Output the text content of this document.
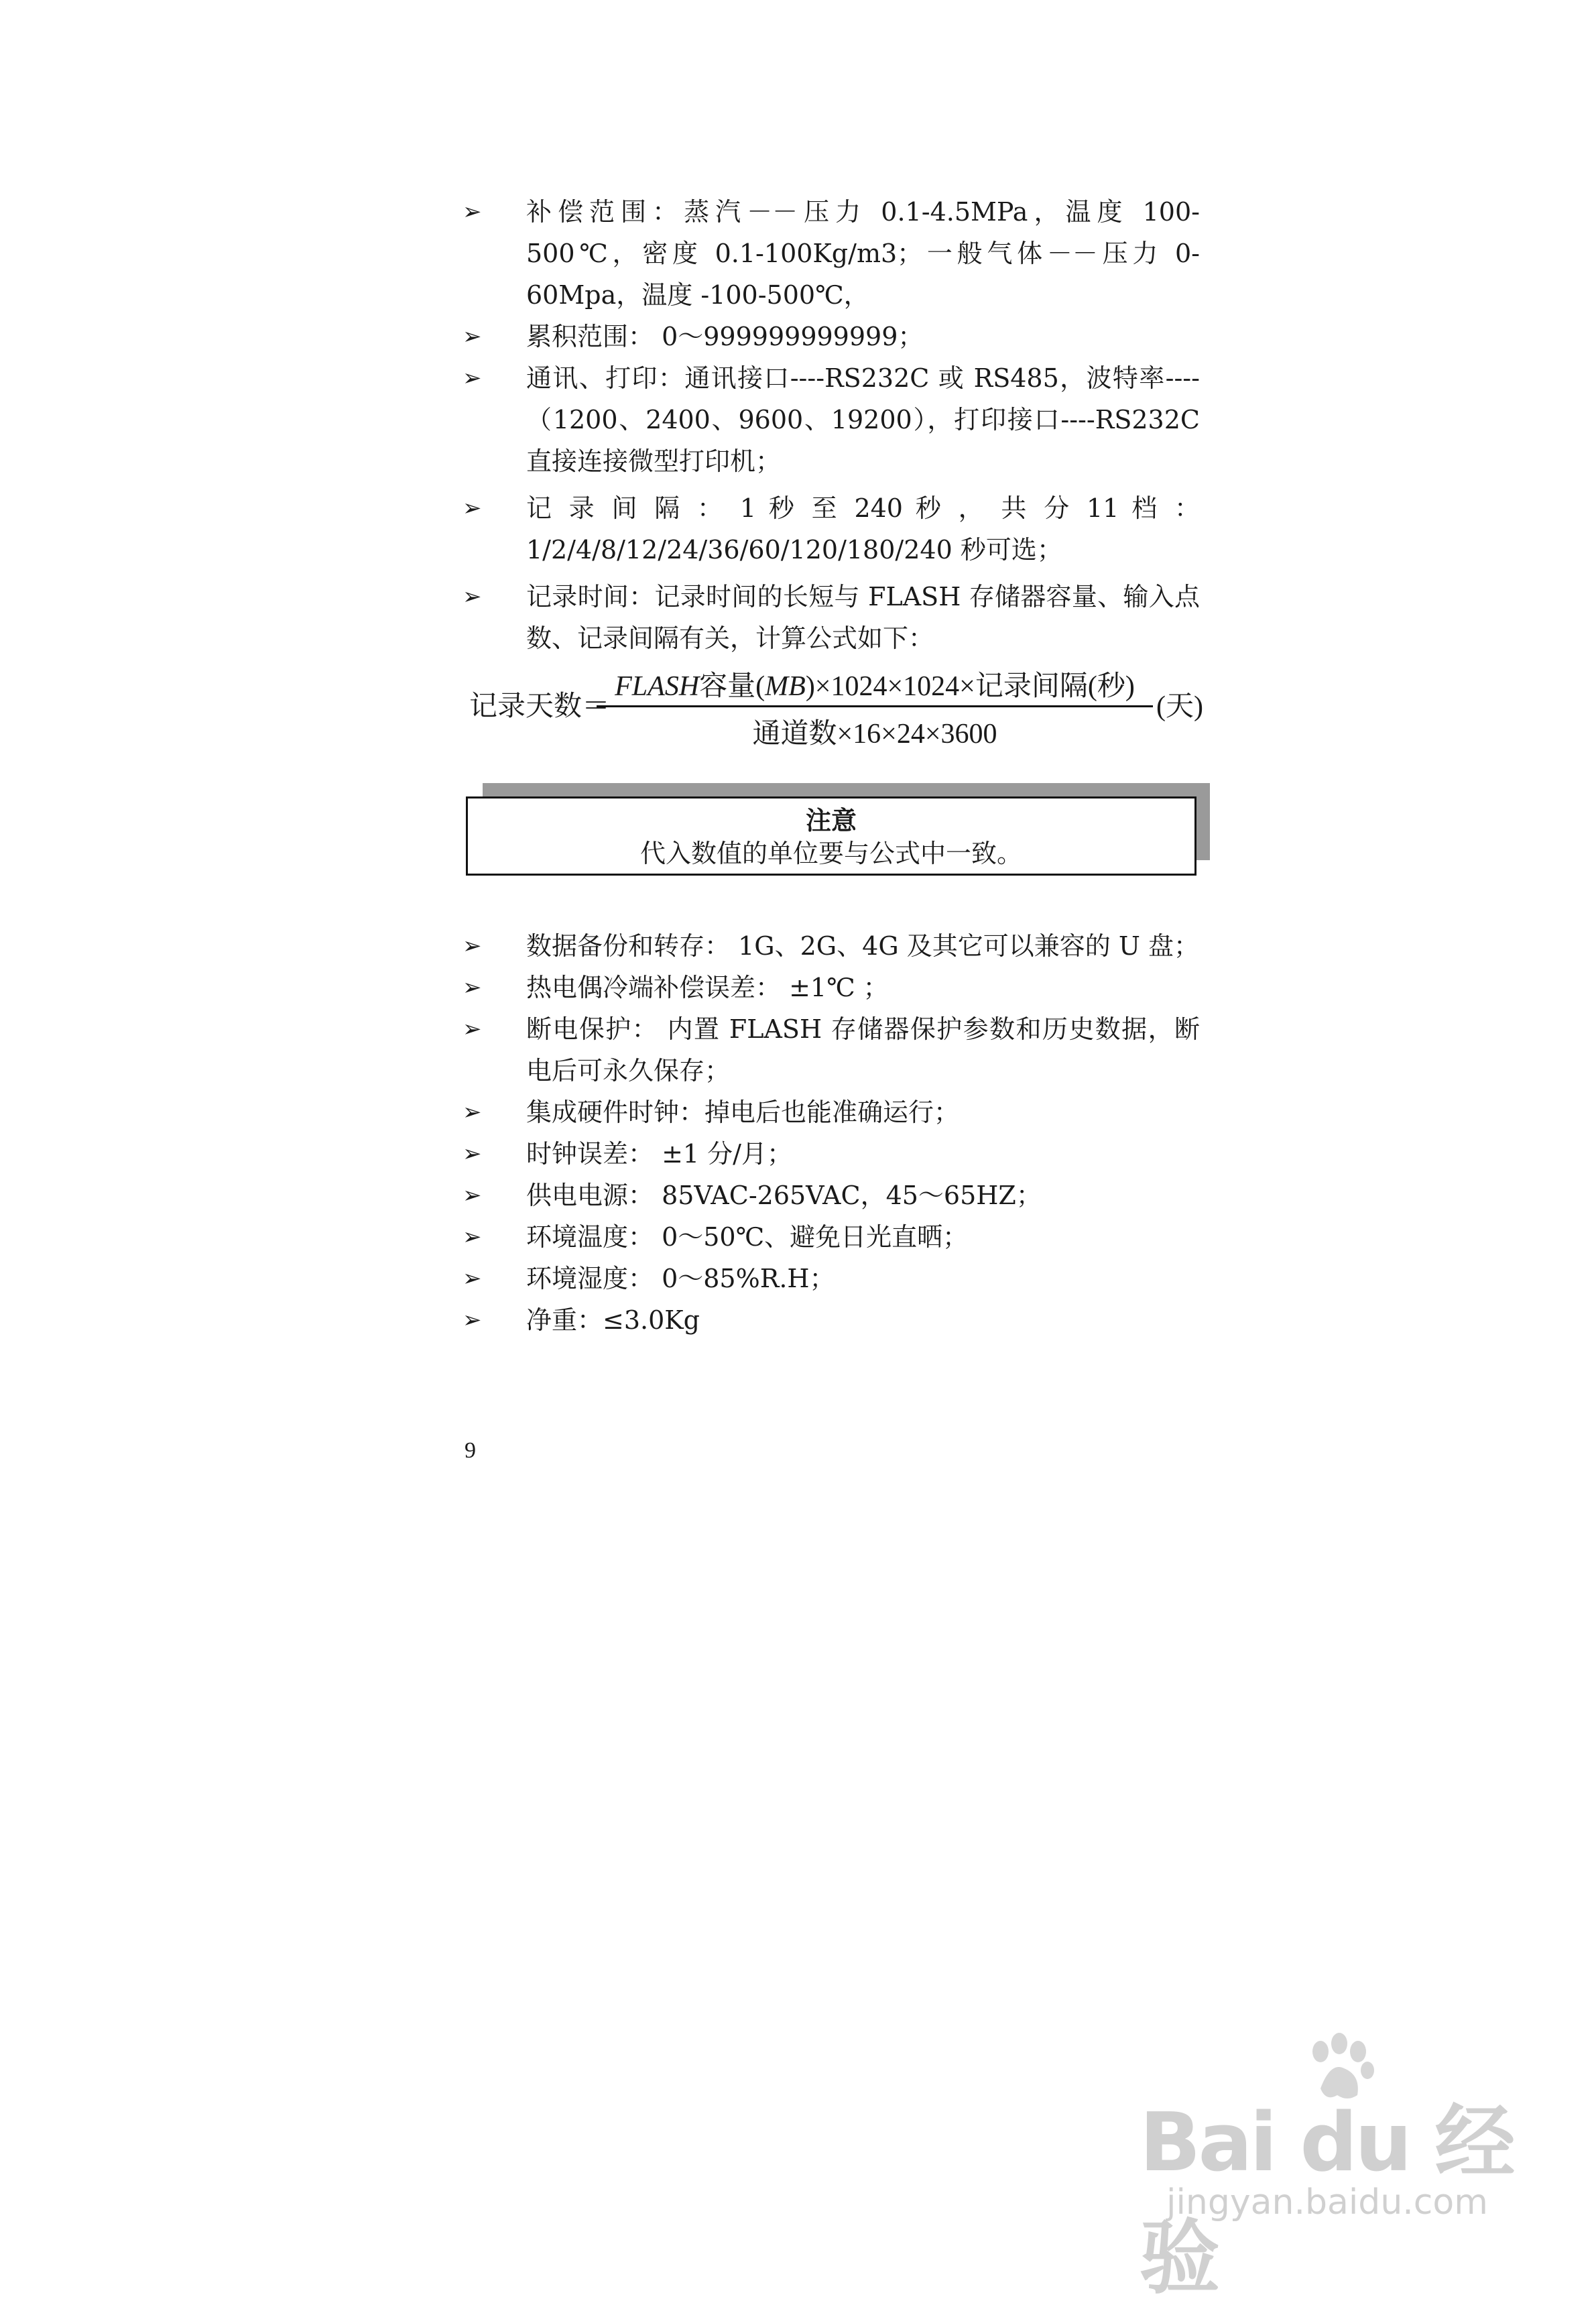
➢	补偿范围：蒸汽－－压力 0.1-4.5MPa，温度 100-500℃，密度 0.1-100Kg/m3；一般气体－－压力 0-60Mpa，温度 -100-500℃，
➢	累积范围： 0～999999999999；
➢	通讯、打印：通讯接口----RS232C 或 RS485，波特率----（1200、2400、9600、19200），打印接口----RS232C 直接连接微型打印机；
➢	记 录 间 隔 ： 1 秒 至 240 秒 ， 共 分 11 档 ： 1/2/4/8/12/24/36/60/120/180/240 秒可选；
➢	记录时间：记录时间的长短与 FLASH 存储器容量、输入点数、记录间隔有关，计算公式如下：
记录天数＝
FLASH容量(MB)×1024×1024×记录间隔(秒)
通道数×16×24×3600
(天)
注意
代入数值的单位要与公式中一致。
➢	数据备份和转存： 1G、2G、4G 及其它可以兼容的 U 盘；
➢	热电偶冷端补偿误差： ±1℃ ；
➢	断电保护： 内置 FLASH 存储器保护参数和历史数据，断电后可永久保存；
➢	集成硬件时钟：掉电后也能准确运行；
➢	时钟误差： ±1 分/月；
➢	供电电源： 85VAC-265VAC，45～65HZ；
➢	环境温度： 0～50℃、避免日光直晒；
➢	环境湿度： 0～85%R.H；
➢	净重：≤3.0Kg
9
Bai du 经验
jingyan.baidu.com
